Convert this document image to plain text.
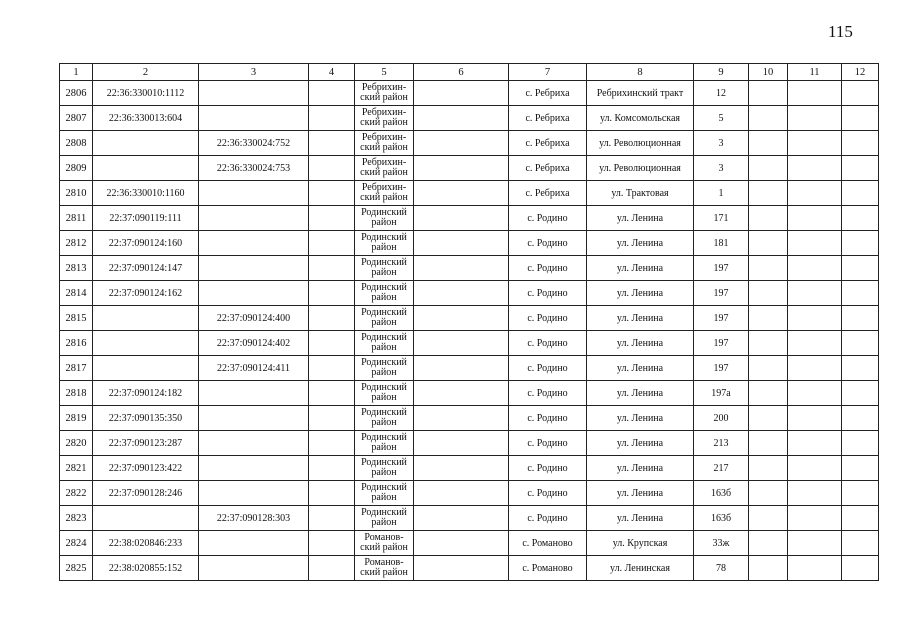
115
1	2	3	4	5	6	7	8	9	10	11	12
2806	22:36:330010:1112			Ребрихин-
ский район		с. Ребриха	Ребрихинский тракт	12			
2807	22:36:330013:604			Ребрихин-
ский район		с. Ребриха	ул. Комсомольская	5			
2808		22:36:330024:752		Ребрихин-
ский район		с. Ребриха	ул. Революционная	3			
2809		22:36:330024:753		Ребрихин-
ский район		с. Ребриха	ул. Революционная	3			
2810	22:36:330010:1160			Ребрихин-
ский район		с. Ребриха	ул. Трактовая	1			
2811	22:37:090119:111			Родинский
район		с. Родино	ул. Ленина	171			
2812	22:37:090124:160			Родинский
район		с. Родино	ул. Ленина	181			
2813	22:37:090124:147			Родинский
район		с. Родино	ул. Ленина	197			
2814	22:37:090124:162			Родинский
район		с. Родино	ул. Ленина	197			
2815		22:37:090124:400		Родинский
район		с. Родино	ул. Ленина	197			
2816		22:37:090124:402		Родинский
район		с. Родино	ул. Ленина	197			
2817		22:37:090124:411		Родинский
район		с. Родино	ул. Ленина	197			
2818	22:37:090124:182			Родинский
район		с. Родино	ул. Ленина	197а			
2819	22:37:090135:350			Родинский
район		с. Родино	ул. Ленина	200			
2820	22:37:090123:287			Родинский
район		с. Родино	ул. Ленина	213			
2821	22:37:090123:422			Родинский
район		с. Родино	ул. Ленина	217			
2822	22:37:090128:246			Родинский
район		с. Родино	ул. Ленина	163б			
2823		22:37:090128:303		Родинский
район		с. Родино	ул. Ленина	163б			
2824	22:38:020846:233			Романов-
ский район		с. Романово	ул. Крупская	33ж			
2825	22:38:020855:152			Романов-
ский район		с. Романово	ул. Ленинская	78			
